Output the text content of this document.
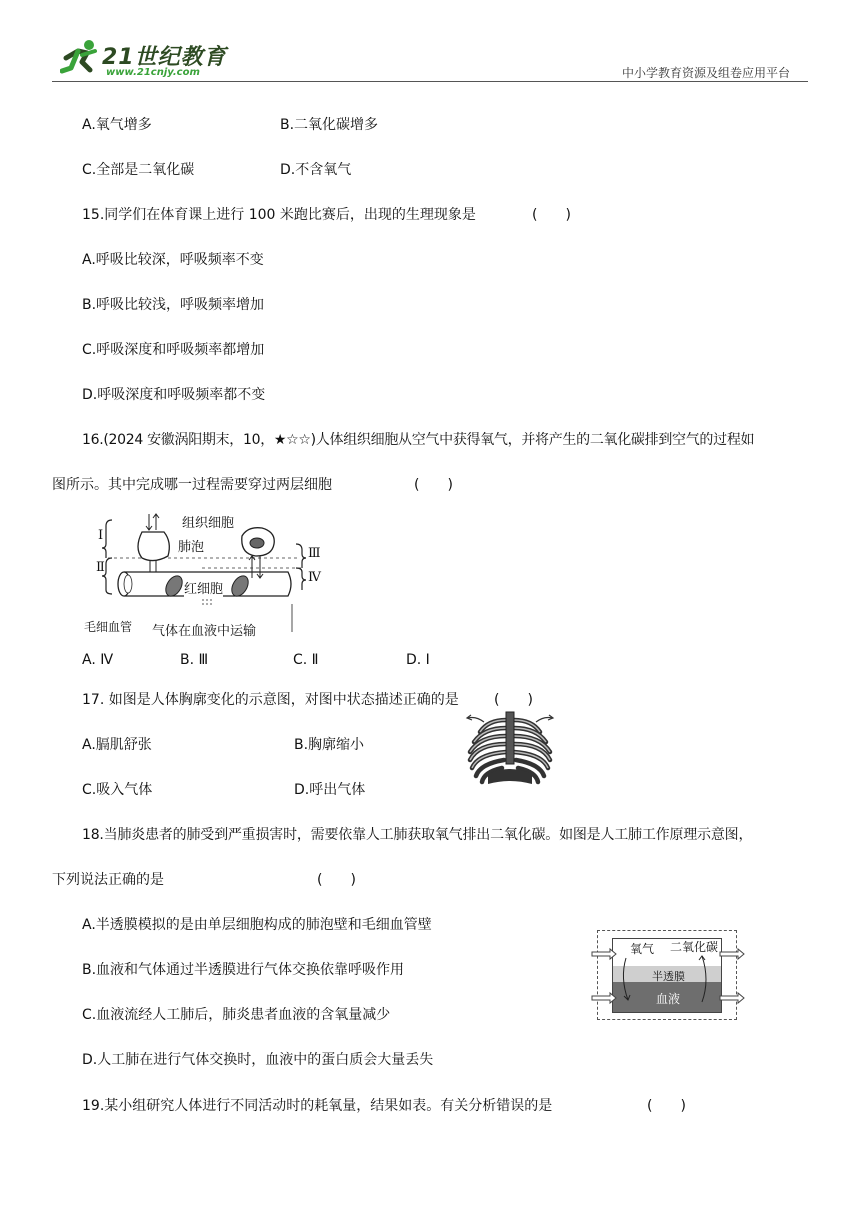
21世纪教育
www.21cnjy.com	中小学教育资源及组卷应用平台
A.氧气增多	B.二氧化碳增多
C.全部是二氧化碳	D.不含氧气
15.同学们在体育课上进行 100 米跑比赛后，出现的生理现象是	(　　)
A.呼吸比较深，呼吸频率不变
B.呼吸比较浅，呼吸频率增加
C.呼吸深度和呼吸频率都增加
D.呼吸深度和呼吸频率都不变
16.(2024 安徽涡阳期末，10，★☆☆)人体组织细胞从空气中获得氧气，并将产生的二氧化碳排到空气的过程如
图所示。其中完成哪一过程需要穿过两层细胞	(　　)
Ⅰ
Ⅱ
Ⅲ
Ⅳ
组织细胞
肺泡
红细胞
毛细血管 气体在血液中运输
A. Ⅳ	B. Ⅲ	C. Ⅱ	D. Ⅰ
17. 如图是人体胸廓变化的示意图，对图中状态描述正确的是	(　　)
A.膈肌舒张	B.胸廓缩小
C.吸入气体	D.呼出气体
18.当肺炎患者的肺受到严重损害时，需要依靠人工肺获取氧气排出二氧化碳。如图是人工肺工作原理示意图，
下列说法正确的是	(　　)
A.半透膜模拟的是由单层细胞构成的肺泡壁和毛细血管壁
B.血液和气体通过半透膜进行气体交换依靠呼吸作用
C.血液流经人工肺后，肺炎患者血液的含氧量减少
D.人工肺在进行气体交换时，血液中的蛋白质会大量丢失
氧气 二氧化碳
半透膜
血液
19.某小组研究人体进行不同活动时的耗氧量，结果如表。有关分析错误的是	(　　)
